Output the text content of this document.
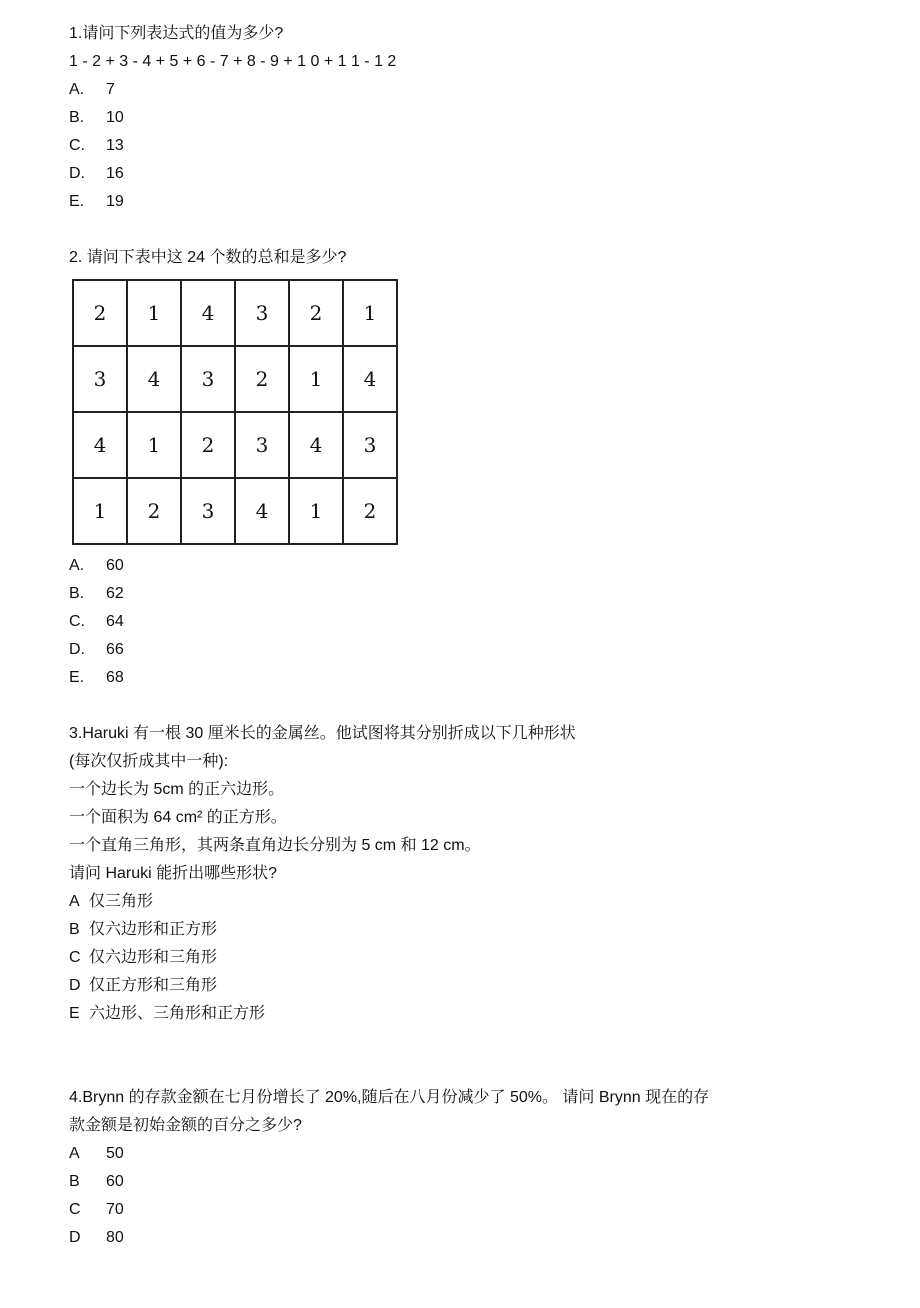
1.请问下列表达式的值为多少?
1 - 2 + 3 - 4 + 5 + 6 - 7 + 8 - 9 + 1 0 + 1 1 - 1 2
A. 7
B. 10
C. 13
D. 16
E. 19
2. 请问下表中这 24 个数的总和是多少?
2	1	4	3	2	1
3	4	3	2	1	4
4	1	2	3	4	3
1	2	3	4	1	2
A. 60
B. 62
C. 64
D. 66
E. 68
3.Haruki 有一根 30 厘米长的金属丝。他试图将其分别折成以下几种形状
(每次仅折成其中一种):
一个边长为 5cm 的正六边形。
一个面积为 64 cm² 的正方形。
一个直角三角形，其两条直角边长分别为 5 cm 和 12 cm。
请问 Haruki 能折出哪些形状?
A 仅三角形
B 仅六边形和正方形
C 仅六边形和三角形
D 仅正方形和三角形
E 六边形、三角形和正方形
4.Brynn 的存款金额在七月份增长了 20%,随后在八月份减少了 50%。 请问 Brynn 现在的存
款金额是初始金额的百分之多少?
A 50
B 60
C 70
D 80
